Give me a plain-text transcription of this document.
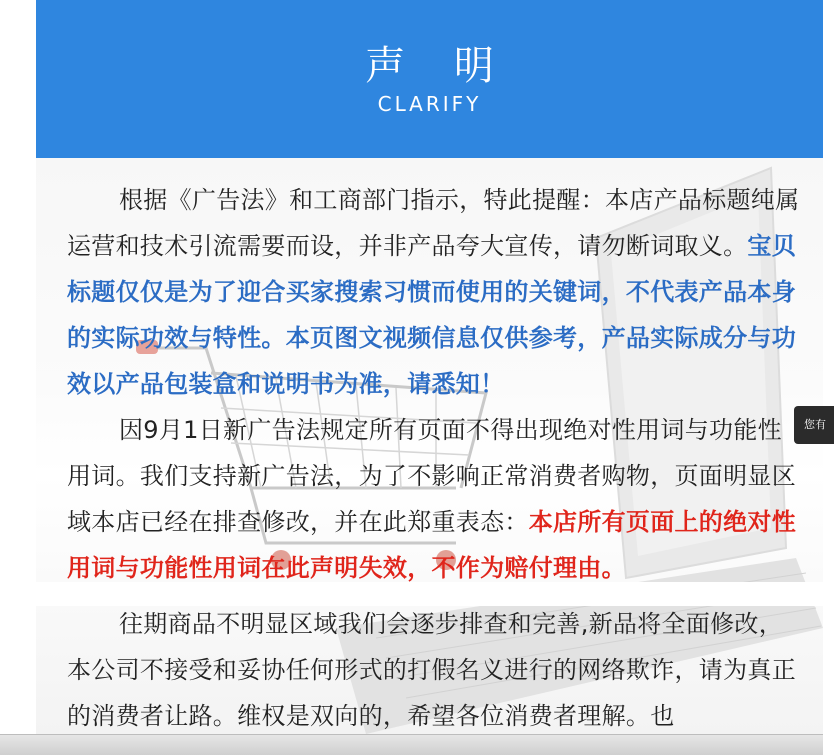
声 明
CLARIFY
根据《广告法》和工商部门指示，特此提醒：本店产品标题纯属运营和技术引流需要而设，并非产品夸大宣传，请勿断词取义。宝贝标题仅仅是为了迎合买家搜索习惯而使用的关键词，不代表产品本身的实际功效与特性。本页图文视频信息仅供参考，产品实际成分与功效以产品包装盒和说明书为准，请悉知！
因9月1日新广告法规定所有页面不得出现绝对性用词与功能性用词。我们支持新广告法，为了不影响正常消费者购物，页面明显区域本店已经在排查修改，并在此郑重表态：本店所有页面上的绝对性用词与功能性用词在此声明失效，不作为赔付理由。
往期商品不明显区域我们会逐步排查和完善,新品将全面修改，本公司不接受和妥协任何形式的打假名义进行的网络欺诈，请为真正的消费者让路。维权是双向的，希望各位消费者理解。也
您有
